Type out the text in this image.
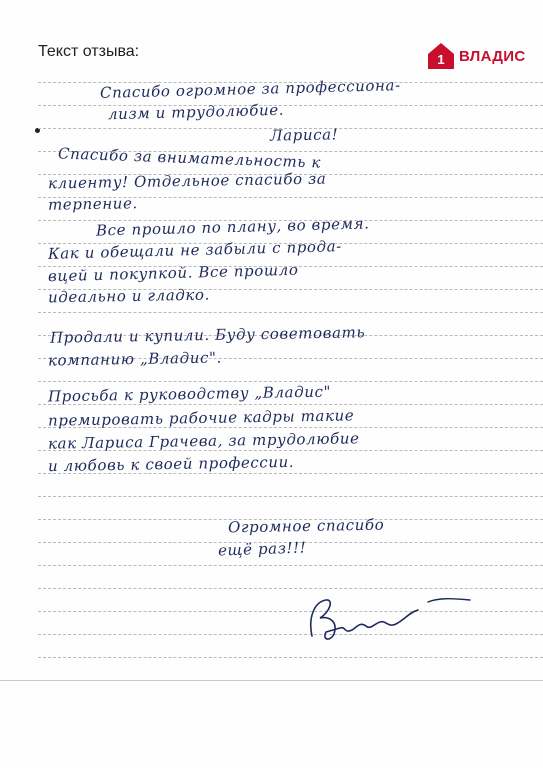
Текст отзыва:	1 ВЛАДИС
Спасибо огромное за профессиона-
лизм и трудолюбие.
Лариса!
Спасибо за внимательность к
клиенту! Отдельное спасибо за
терпение.
Все прошло по плану, во время.
Как и обещали не забыли с прода-
вцей и покупкой. Все прошло
идеально и гладко.
Продали и купили. Буду советовать
компанию „Владис".
Просьба к руководству „Владис"
премировать рабочие кадры такие
как Лариса Грачева, за трудолюбие
и любовь к своей профессии.
Огромное спасибо
ещё раз!!!
